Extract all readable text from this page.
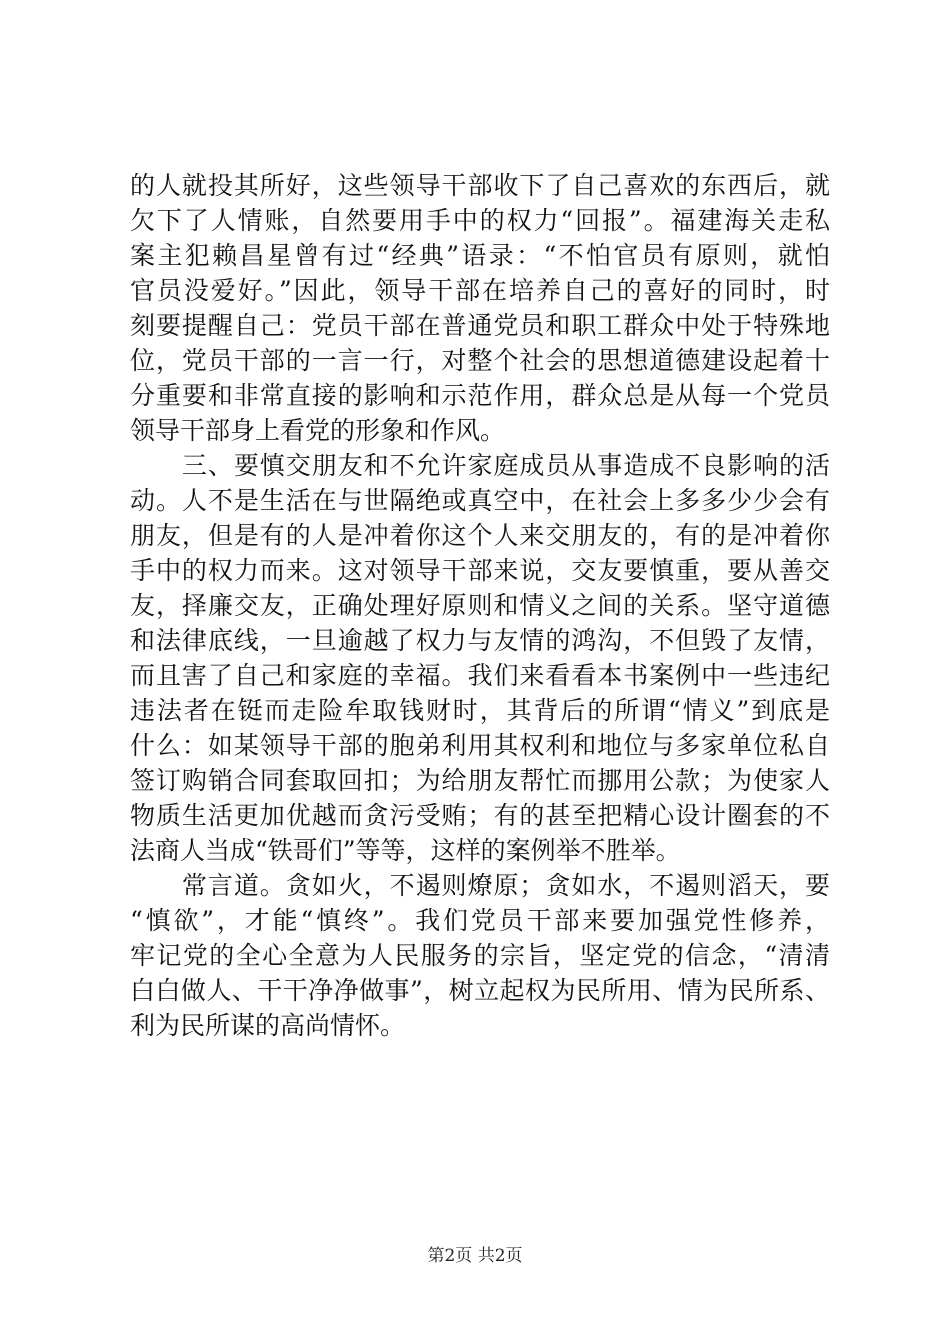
的人就投其所好，这些领导干部收下了自己喜欢的东西后，就
欠下了人情账，自然要用手中的权力“回报”。福建海关走私
案主犯赖昌星曾有过“经典”语录：“不怕官员有原则，就怕
官员没爱好。”因此，领导干部在培养自己的喜好的同时，时
刻要提醒自己：党员干部在普通党员和职工群众中处于特殊地
位，党员干部的一言一行，对整个社会的思想道德建设起着十
分重要和非常直接的影响和示范作用，群众总是从每一个党员
领导干部身上看党的形象和作风。
　　三、要慎交朋友和不允许家庭成员从事造成不良影响的活
动。人不是生活在与世隔绝或真空中，在社会上多多少少会有
朋友，但是有的人是冲着你这个人来交朋友的，有的是冲着你
手中的权力而来。这对领导干部来说，交友要慎重，要从善交
友，择廉交友，正确处理好原则和情义之间的关系。坚守道德
和法律底线，一旦逾越了权力与友情的鸿沟，不但毁了友情，
而且害了自己和家庭的幸福。我们来看看本书案例中一些违纪
违法者在铤而走险牟取钱财时，其背后的所谓“情义”到底是
什么：如某领导干部的胞弟利用其权利和地位与多家单位私自
签订购销合同套取回扣；为给朋友帮忙而挪用公款；为使家人
物质生活更加优越而贪污受贿；有的甚至把精心设计圈套的不
法商人当成“铁哥们”等等，这样的案例举不胜举。
　　常言道。贪如火，不遏则燎原；贪如水，不遏则滔天，要
“慎欲”，才能“慎终”。我们党员干部来要加强党性修养，
牢记党的全心全意为人民服务的宗旨，坚定党的信念，“清清
白白做人、干干净净做事”，树立起权为民所用、情为民所系、
利为民所谋的高尚情怀。
第2页 共2页
